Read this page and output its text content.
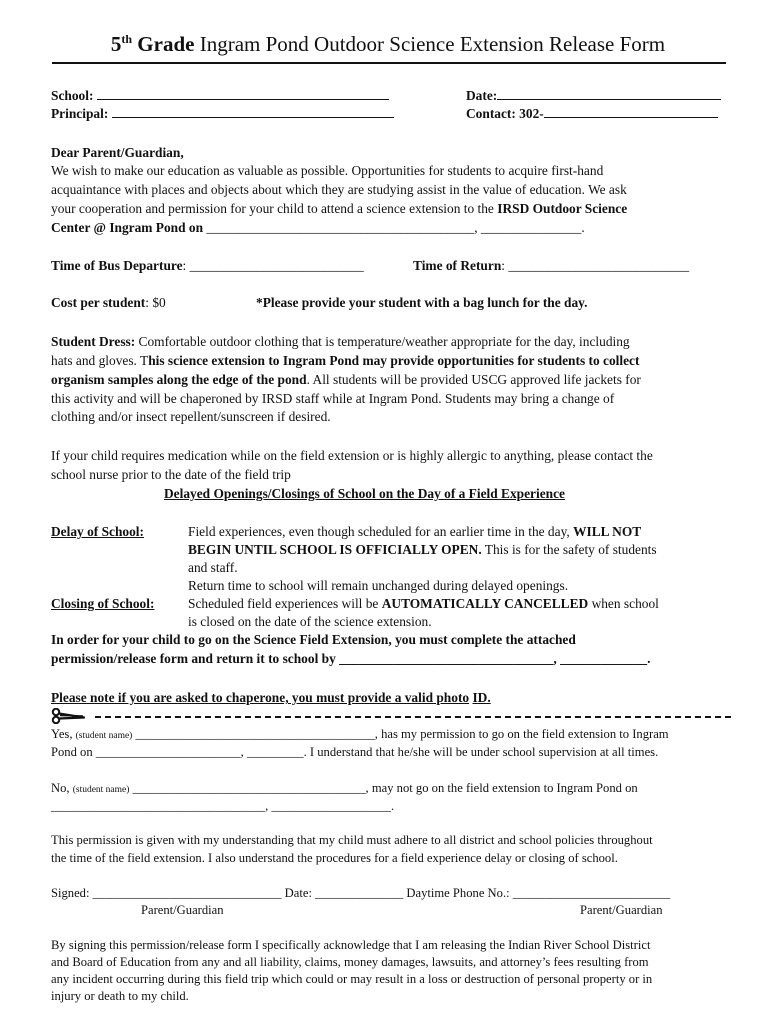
5th Grade Ingram Pond Outdoor Science Extension Release Form
School:
Principal:
Date:
Contact: 302-
Dear Parent/Guardian,
We wish to make our education as valuable as possible. Opportunities for students to acquire first-hand
acquaintance with places and objects about which they are studying assist in the value of education. We ask
your cooperation and permission for your child to attend a science extension to the IRSD Outdoor Science
Center @ Ingram Pond on ________________________________________, _______________.
Time of Bus Departure: __________________________	Time of Return: ___________________________
Cost per student: $0	*Please provide your student with a bag lunch for the day.
Student Dress: Comfortable outdoor clothing that is temperature/weather appropriate for the day, including
hats and gloves. This science extension to Ingram Pond may provide opportunities for students to collect
organism samples along the edge of the pond. All students will be provided USCG approved life jackets for
this activity and will be chaperoned by IRSD staff while at Ingram Pond. Students may bring a change of
clothing and/or insect repellent/sunscreen if desired.
If your child requires medication while on the field extension or is highly allergic to anything, please contact the
school nurse prior to the date of the field trip
Delayed Openings/Closings of School on the Day of a Field Experience
Delay of School:	Field experiences, even though scheduled for an earlier time in the day, WILL NOT
BEGIN UNTIL SCHOOL IS OFFICIALLY OPEN. This is for the safety of students
and staff.
Return time to school will remain unchanged during delayed openings.
Closing of School:	Scheduled field experiences will be AUTOMATICALLY CANCELLED when school
is closed on the date of the science extension.
In order for your child to go on the Science Field Extension, you must complete the attached
permission/release form and return it to school by ________________________________, _____________.
Please note if you are asked to chaperone, you must provide a valid photo ID.
Yes, (student name) ______________________________________, has my permission to go on the field extension to Ingram
Pond on _______________________, _________. I understand that he/she will be under school supervision at all times.
No, (student name) _____________________________________, may not go on the field extension to Ingram Pond on
__________________________________, ___________________.
This permission is given with my understanding that my child must adhere to all district and school policies throughout
the time of the field extension. I also understand the procedures for a field experience delay or closing of school.
Signed: ______________________________ Date: ______________ Daytime Phone No.: _________________________
Parent/Guardian	Parent/Guardian
By signing this permission/release form I specifically acknowledge that I am releasing the Indian River School District
and Board of Education from any and all liability, claims, money damages, lawsuits, and attorney’s fees resulting from
any incident occurring during this field trip which could or may result in a loss or destruction of personal property or in
injury or death to my child.
